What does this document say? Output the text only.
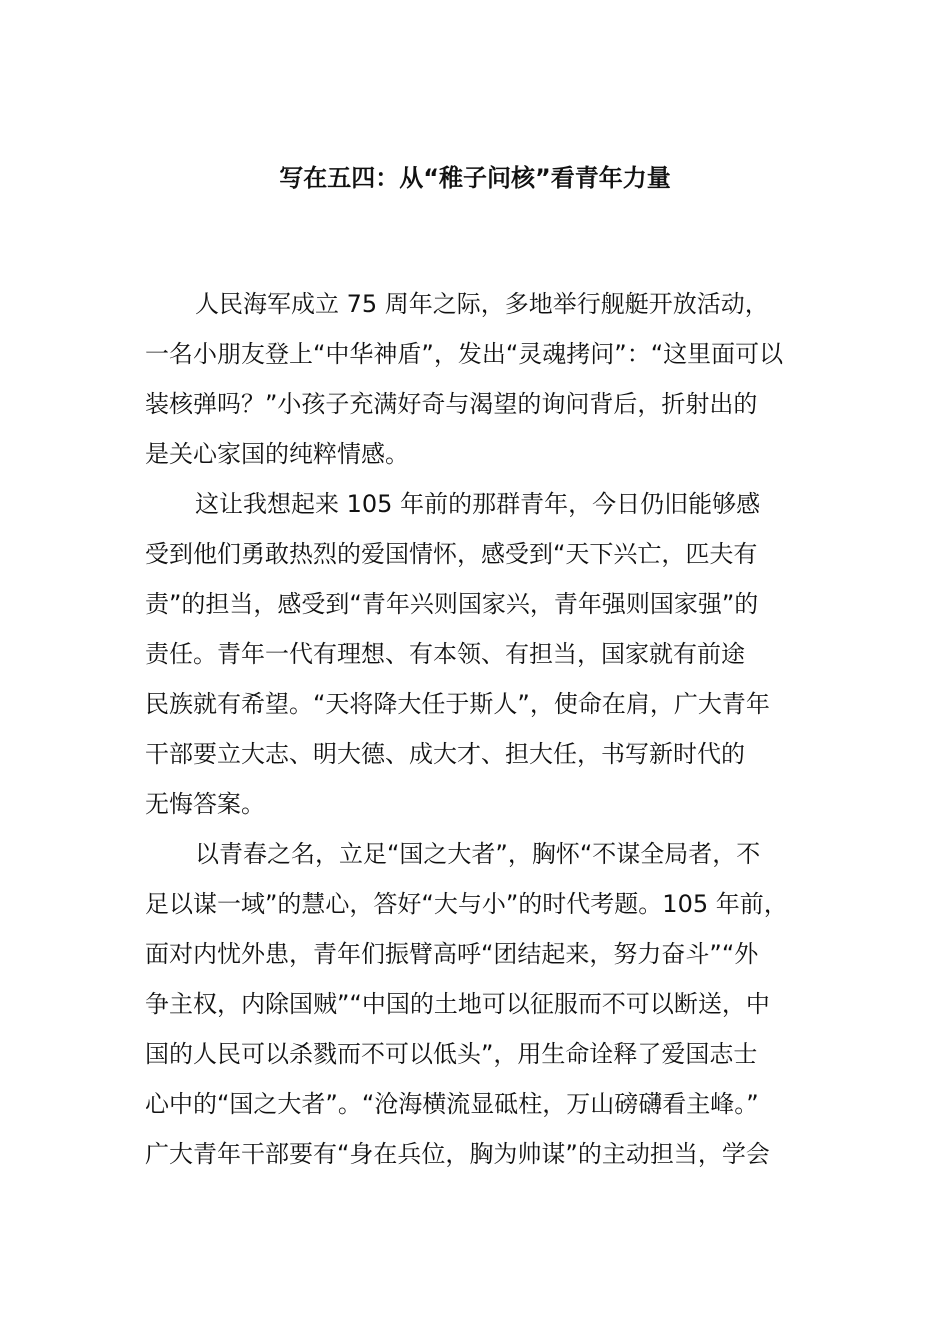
写在五四：从“稚子问核”看青年力量
人民海军成立 75 周年之际，多地举行舰艇开放活动，
一名小朋友登上“中华神盾”，发出“灵魂拷问”：“这里面可以
装核弹吗？”小孩子充满好奇与渴望的询问背后，折射出的
是关心家国的纯粹情感。
这让我想起来 105 年前的那群青年，今日仍旧能够感
受到他们勇敢热烈的爱国情怀，感受到“天下兴亡，匹夫有
责”的担当，感受到“青年兴则国家兴，青年强则国家强”的
责任。青年一代有理想、有本领、有担当，国家就有前途
民族就有希望。“天将降大任于斯人”，使命在肩，广大青年
干部要立大志、明大德、成大才、担大任，书写新时代的
无悔答案。
以青春之名，立足“国之大者”，胸怀“不谋全局者，不
足以谋一域”的慧心，答好“大与小”的时代考题。105 年前，
面对内忧外患，青年们振臂高呼“团结起来，努力奋斗”“外
争主权，内除国贼”“中国的土地可以征服而不可以断送，中
国的人民可以杀戮而不可以低头”，用生命诠释了爱国志士
心中的“国之大者”。“沧海横流显砥柱，万山磅礴看主峰。”
广大青年干部要有“身在兵位，胸为帅谋”的主动担当，学会
